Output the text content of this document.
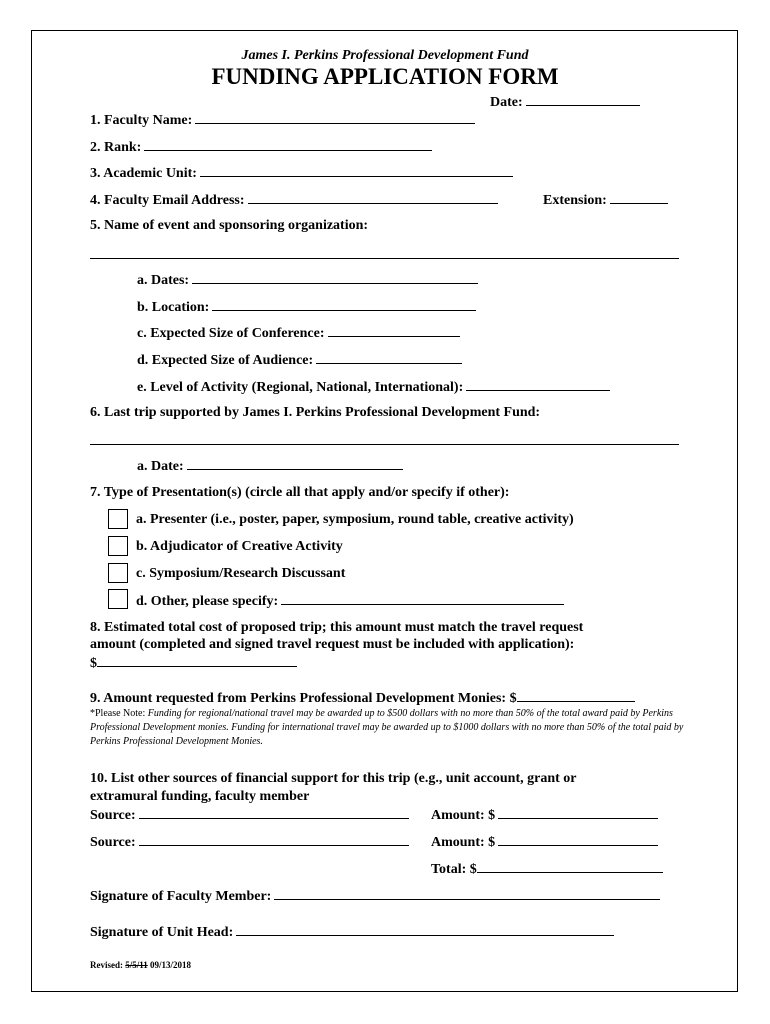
James I. Perkins Professional Development Fund
FUNDING APPLICATION FORM
Date:
1. Faculty Name:
2. Rank:
3. Academic Unit:
4. Faculty Email Address:	Extension:
5. Name of event and sponsoring organization:
a. Dates:
b. Location:
c. Expected Size of Conference:
d. Expected Size of Audience:
e. Level of Activity (Regional, National, International):
6. Last trip supported by James I. Perkins Professional Development Fund:
a. Date:
7. Type of Presentation(s) (circle all that apply and/or specify if other):
a. Presenter (i.e., poster, paper, symposium, round table, creative activity)
b. Adjudicator of Creative Activity
c. Symposium/Research Discussant
d. Other, please specify:
8. Estimated total cost of proposed trip; this amount must match the travel request
amount (completed and signed travel request must be included with application):
$
9. Amount requested from Perkins Professional Development Monies: $
*Please Note: Funding for regional/national travel may be awarded up to $500 dollars with no more than 50% of the total award paid by Perkins Professional Development monies. Funding for international travel may be awarded up to $1000 dollars with no more than 50% of the total paid by Perkins Professional Development Monies.
10. List other sources of financial support for this trip (e.g., unit account, grant or
extramural funding, faculty member
Source:	Amount: $
Source:	Amount: $
Total: $
Signature of Faculty Member:
Signature of Unit Head:
Revised: 5/5/11 09/13/2018
